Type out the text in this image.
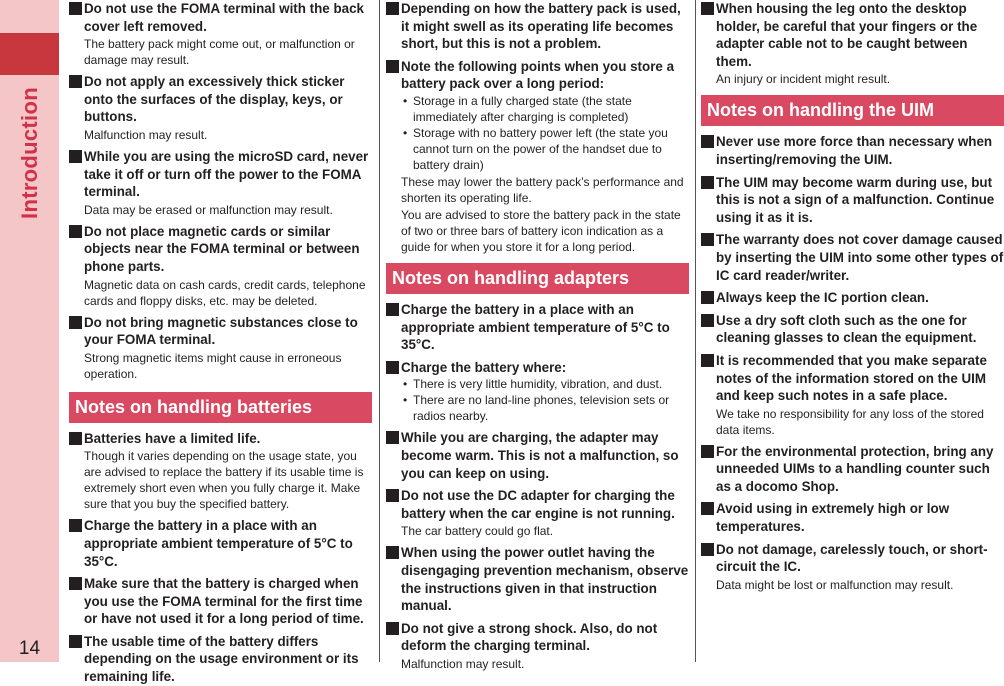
Introduction
14
Do not use the FOMA terminal with the back cover left removed.
The battery pack might come out, or malfunction or damage may result.
Do not apply an excessively thick sticker onto the surfaces of the display, keys, or buttons.
Malfunction may result.
While you are using the microSD card, never take it off or turn off the power to the FOMA terminal.
Data may be erased or malfunction may result.
Do not place magnetic cards or similar objects near the FOMA terminal or between phone parts.
Magnetic data on cash cards, credit cards, telephone cards and floppy disks, etc. may be deleted.
Do not bring magnetic substances close to your FOMA terminal.
Strong magnetic items might cause in erroneous operation.
Notes on handling batteries
Batteries have a limited life.
Though it varies depending on the usage state, you are advised to replace the battery if its usable time is extremely short even when you fully charge it. Make sure that you buy the specified battery.
Charge the battery in a place with an appropriate ambient temperature of 5°C to 35°C.
Make sure that the battery is charged when you use the FOMA terminal for the first time or have not used it for a long period of time.
The usable time of the battery differs depending on the usage environment or its remaining life.
Depending on how the battery pack is used, it might swell as its operating life becomes short, but this is not a problem.
Note the following points when you store a battery pack over a long period:
• Storage in a fully charged state (the state immediately after charging is completed)
• Storage with no battery power left (the state you cannot turn on the power of the handset due to battery drain)
These may lower the battery pack’s performance and shorten its operating life.
You are advised to store the battery pack in the state of two or three bars of battery icon indication as a guide for when you store it for a long period.
Notes on handling adapters
Charge the battery in a place with an appropriate ambient temperature of 5°C to 35°C.
Charge the battery where:
• There is very little humidity, vibration, and dust.
• There are no land-line phones, television sets or radios nearby.
While you are charging, the adapter may become warm. This is not a malfunction, so you can keep on using.
Do not use the DC adapter for charging the battery when the car engine is not running.
The car battery could go flat.
When using the power outlet having the disengaging prevention mechanism, observe the instructions given in that instruction manual.
Do not give a strong shock. Also, do not deform the charging terminal.
Malfunction may result.
When housing the leg onto the desktop holder, be careful that your fingers or the adapter cable not to be caught between them.
An injury or incident might result.
Notes on handling the UIM
Never use more force than necessary when inserting/removing the UIM.
The UIM may become warm during use, but this is not a sign of a malfunction. Continue using it as it is.
The warranty does not cover damage caused by inserting the UIM into some other types of IC card reader/writer.
Always keep the IC portion clean.
Use a dry soft cloth such as the one for cleaning glasses to clean the equipment.
It is recommended that you make separate notes of the information stored on the UIM and keep such notes in a safe place.
We take no responsibility for any loss of the stored data items.
For the environmental protection, bring any unneeded UIMs to a handling counter such as a docomo Shop.
Avoid using in extremely high or low temperatures.
Do not damage, carelessly touch, or short-circuit the IC.
Data might be lost or malfunction may result.
